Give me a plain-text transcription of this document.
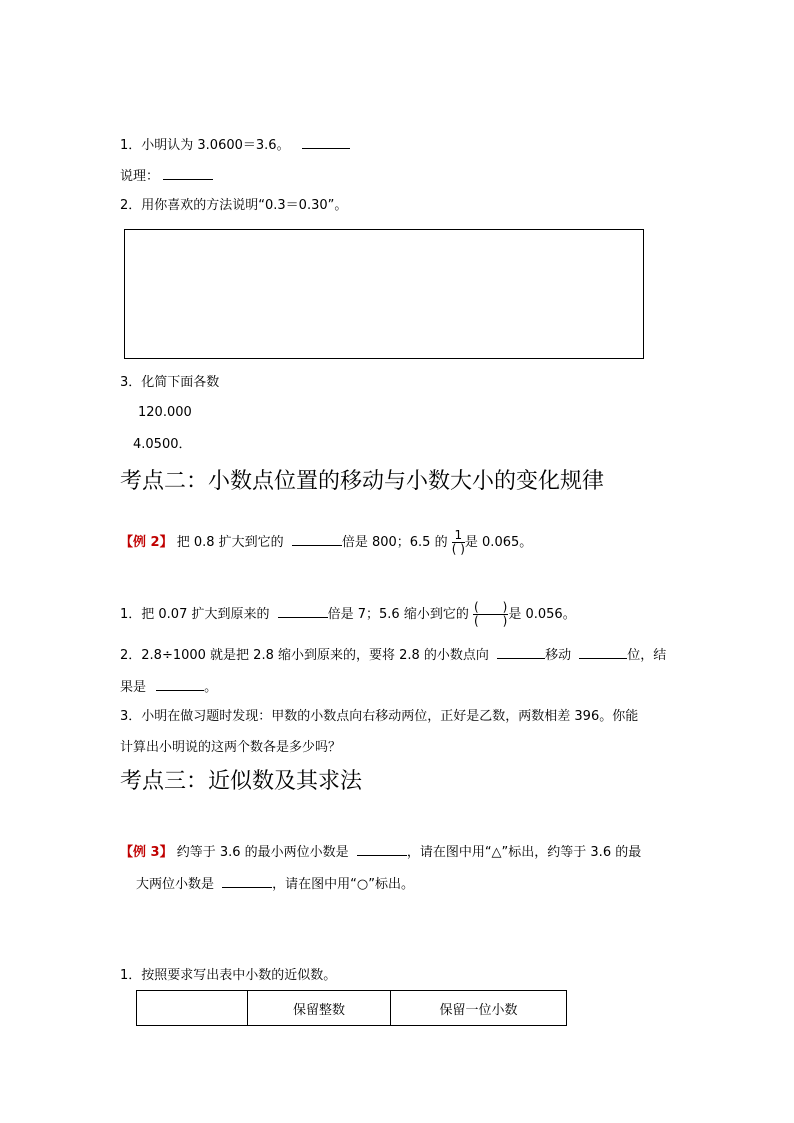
1．小明认为 3.0600＝3.6。
说理：
2．用你喜欢的方法说明“0.3＝0.30”。
3．化简下面各数
120.000
4.0500．
考点二：小数点位置的移动与小数大小的变化规律
【例 2】 把 0.8 扩大到它的	倍是 800；6.5 的 $\frac{1}{( )}$ 是 0.065。
1．把 0.07 扩大到原来的	倍是 7；5.6 缩小到它的 $\frac{( )}{( )}$ 是 0.056。
2．2.8÷1000 就是把 2.8 缩小到原来的，要将 2.8 的小数点向	移动	位，结
果是	。
3．小明在做习题时发现：甲数的小数点向右移动两位，正好是乙数，两数相差 396。你能
计算出小明说的这两个数各是多少吗？
考点三：近似数及其求法
【例 3】 约等于 3.6 的最小两位小数是	，请在图中用“△”标出，约等于 3.6 的最
大两位小数是	，请在图中用“○”标出。
1．按照要求写出表中小数的近似数。
	保留整数	保留一位小数
